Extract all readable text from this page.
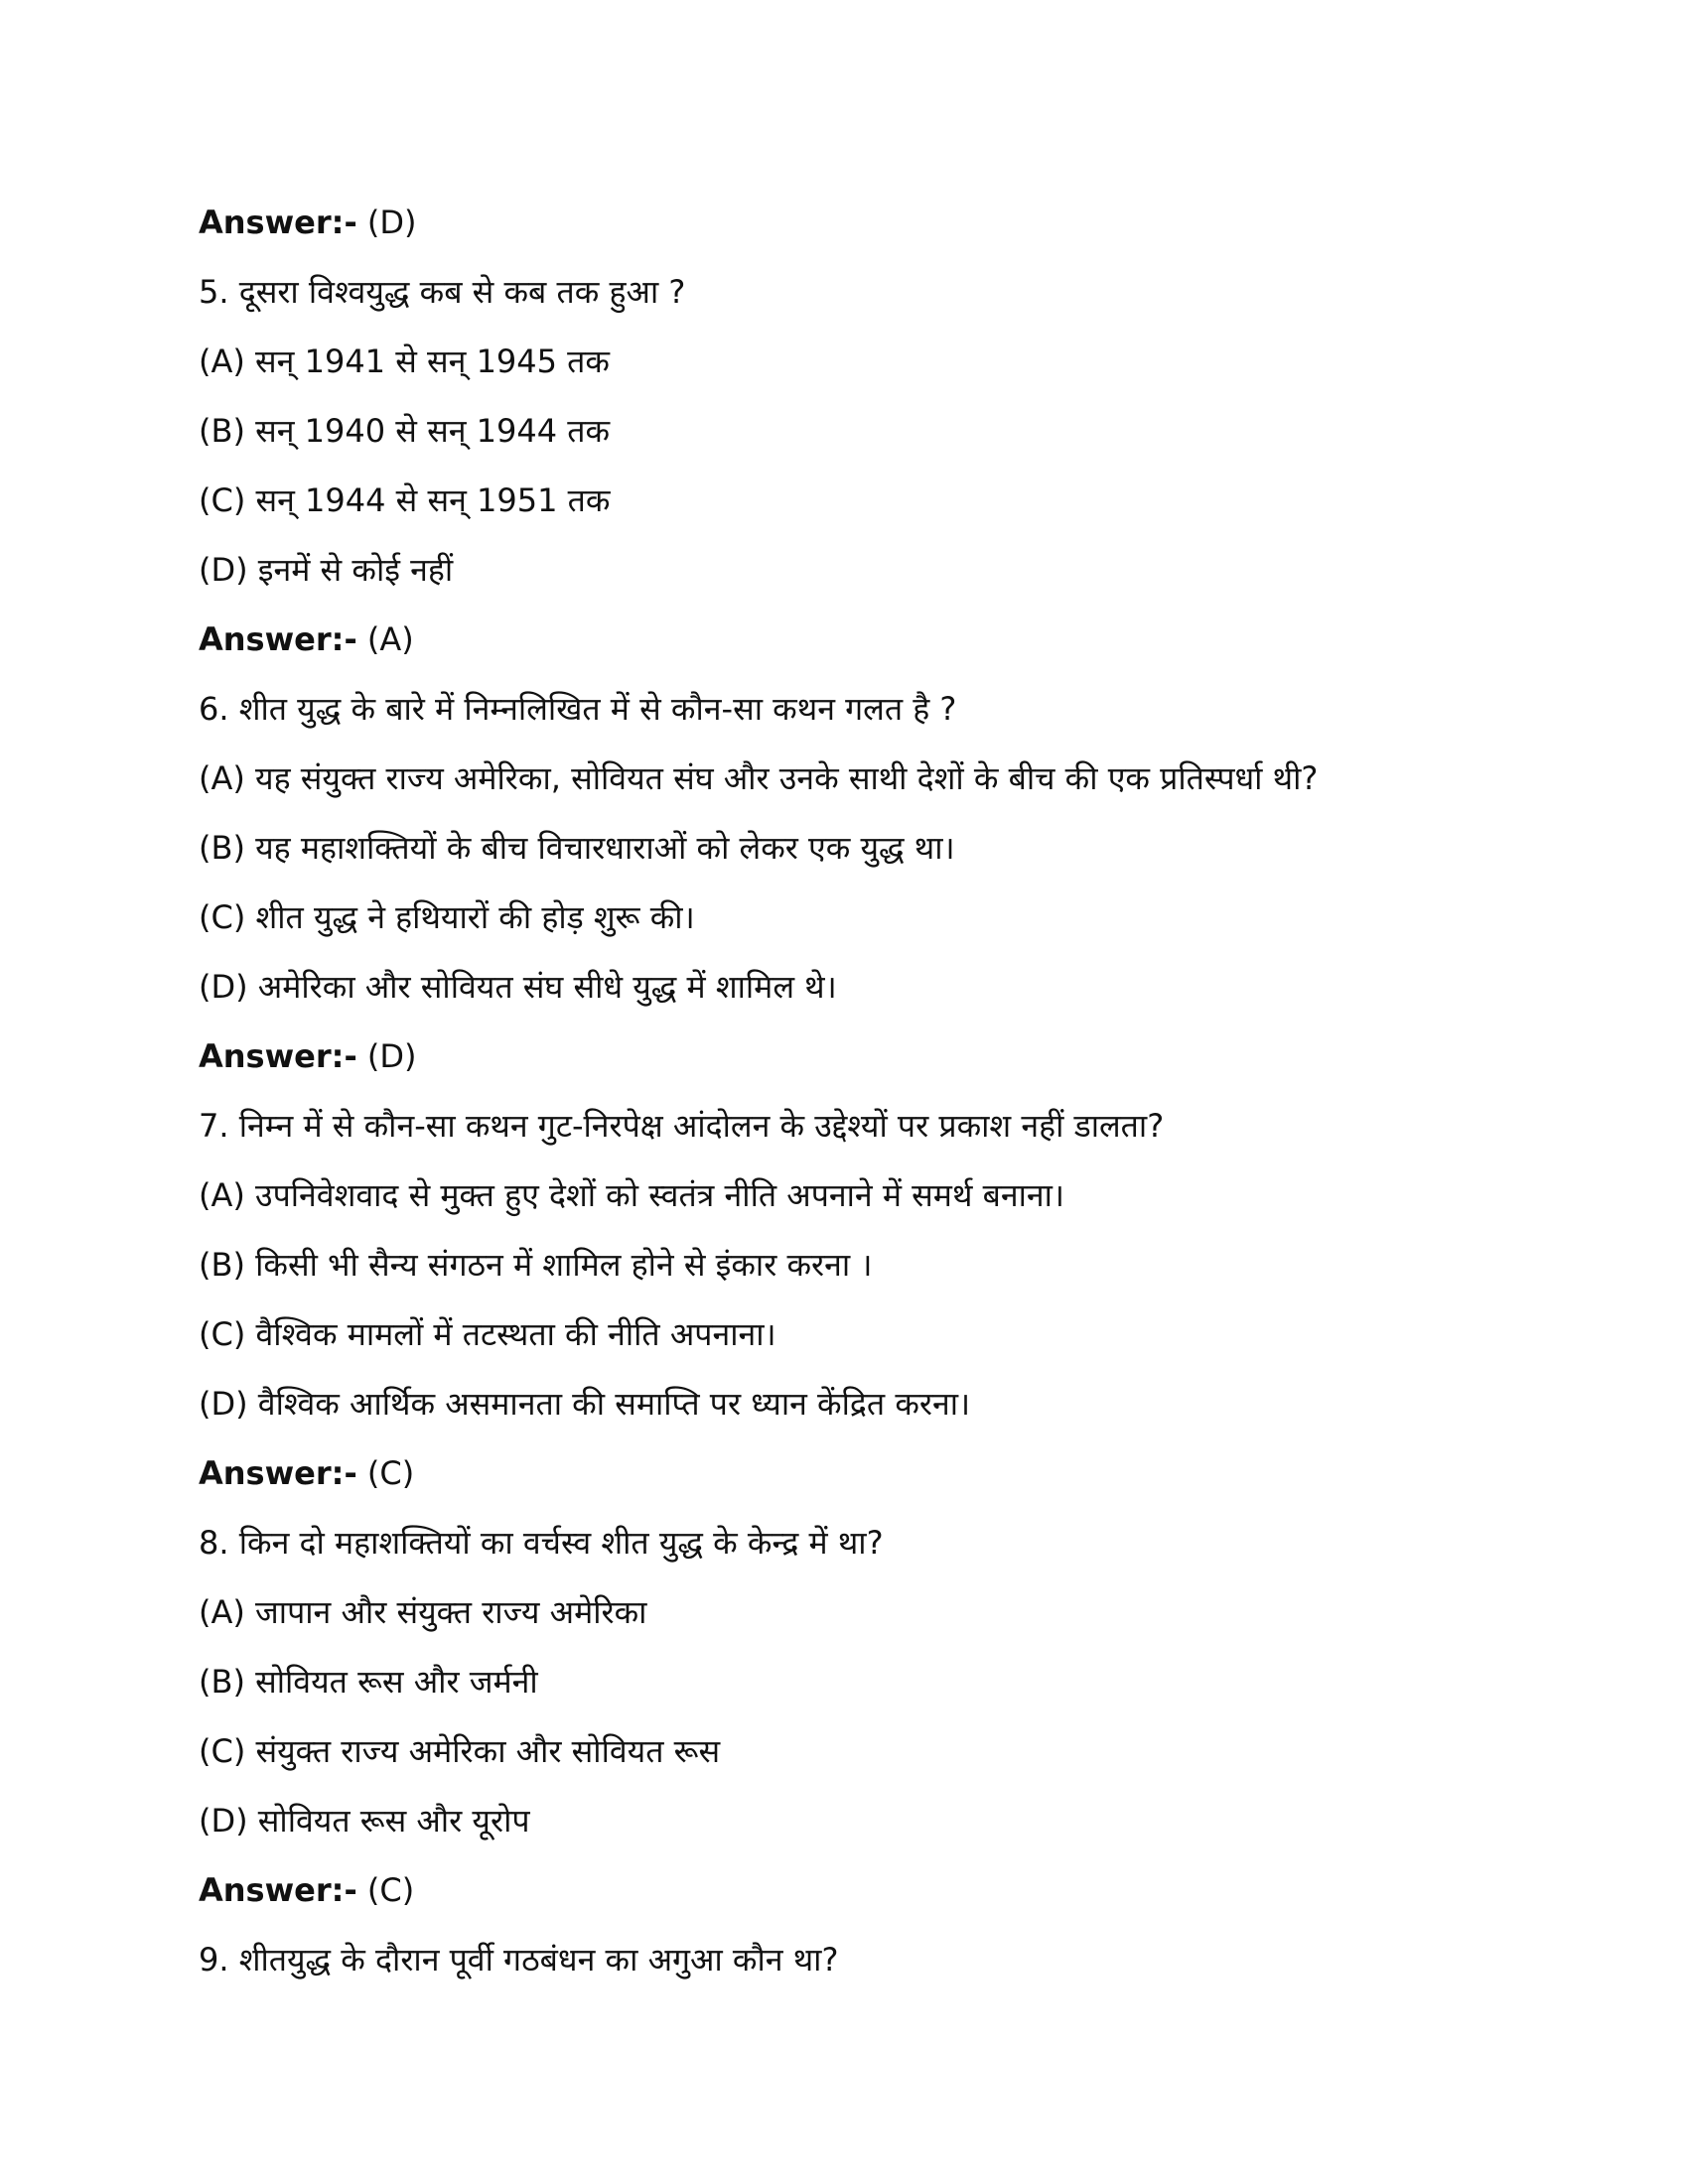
Answer:- (D)
5. दूसरा विश्वयुद्ध कब से कब तक हुआ ?
(A) सन् 1941 से सन् 1945 तक
(B) सन् 1940 से सन् 1944 तक
(C) सन् 1944 से सन् 1951 तक
(D) इनमें से कोई नहीं
Answer:- (A)
6. शीत युद्ध के बारे में निम्नलिखित में से कौन-सा कथन गलत है ?
(A) यह संयुक्त राज्य अमेरिका, सोवियत संघ और उनके साथी देशों के बीच की एक प्रतिस्पर्धा थी?
(B) यह महाशक्तियों के बीच विचारधाराओं को लेकर एक युद्ध था।
(C) शीत युद्ध ने हथियारों की होड़ शुरू की।
(D) अमेरिका और सोवियत संघ सीधे युद्ध में शामिल थे।
Answer:- (D)
7. निम्न में से कौन-सा कथन गुट-निरपेक्ष आंदोलन के उद्देश्यों पर प्रकाश नहीं डालता?
(A) उपनिवेशवाद से मुक्त हुए देशों को स्वतंत्र नीति अपनाने में समर्थ बनाना।
(B) किसी भी सैन्य संगठन में शामिल होने से इंकार करना ।
(C) वैश्विक मामलों में तटस्थता की नीति अपनाना।
(D) वैश्विक आर्थिक असमानता की समाप्ति पर ध्यान केंद्रित करना।
Answer:- (C)
8. किन दो महाशक्तियों का वर्चस्व शीत युद्ध के केन्द्र में था?
(A) जापान और संयुक्त राज्य अमेरिका
(B) सोवियत रूस और जर्मनी
(C) संयुक्त राज्य अमेरिका और सोवियत रूस
(D) सोवियत रूस और यूरोप
Answer:- (C)
9. शीतयुद्ध के दौरान पूर्वी गठबंधन का अगुआ कौन था?
